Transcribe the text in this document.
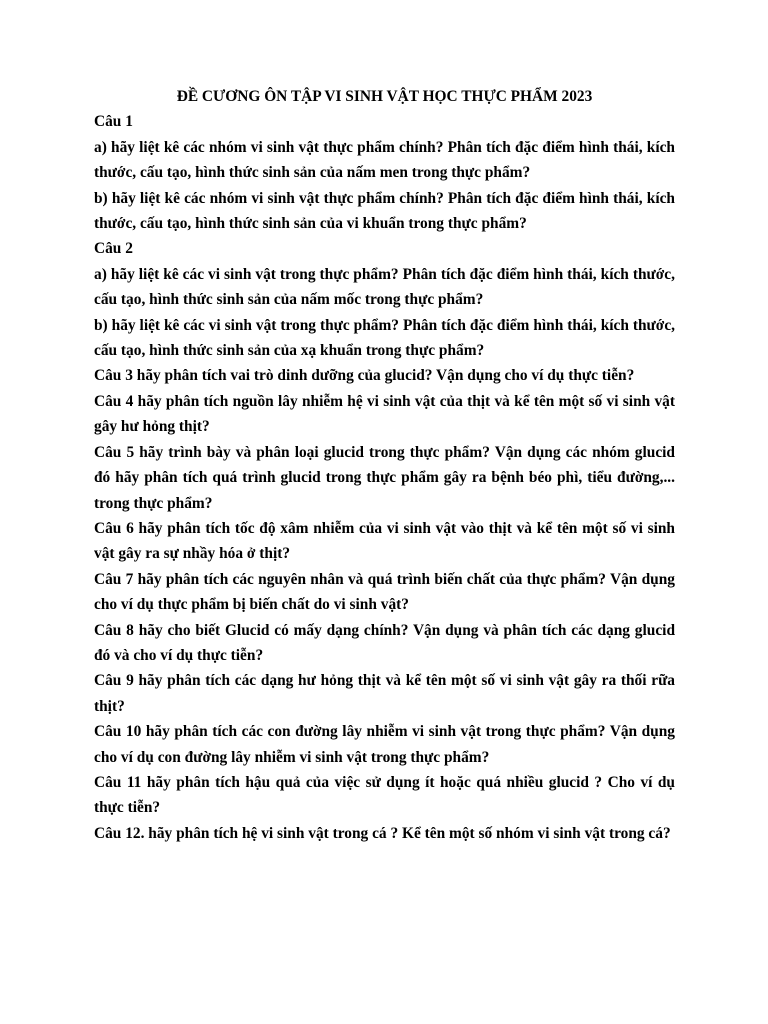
ĐỀ CƯƠNG ÔN TẬP VI SINH VẬT HỌC THỰC PHẨM 2023

Câu 1

a) hãy liệt kê các nhóm vi sinh vật thực phẩm chính? Phân tích đặc điểm hình thái, kích thước, cấu tạo, hình thức sinh sản của nấm men trong thực phẩm?

b) hãy liệt kê các nhóm vi sinh vật thực phẩm chính? Phân tích đặc điểm hình thái, kích thước, cấu tạo, hình thức sinh sản của vi khuẩn trong thực phẩm?

Câu 2

a) hãy liệt kê các vi sinh vật trong thực phẩm? Phân tích đặc điểm hình thái, kích thước, cấu tạo, hình thức sinh sản của nấm mốc trong thực phẩm?

b) hãy liệt kê các vi sinh vật trong thực phẩm? Phân tích đặc điểm hình thái, kích thước, cấu tạo, hình thức sinh sản của xạ khuẩn trong thực phẩm?

Câu 3 hãy phân tích vai trò dinh dưỡng của glucid? Vận dụng cho ví dụ thực tiễn?

Câu 4 hãy phân tích nguồn lây nhiễm hệ vi sinh vật của thịt và kể tên một số vi sinh vật gây hư hỏng thịt?

Câu 5 hãy trình bày và phân loại glucid trong thực phẩm? Vận dụng các nhóm glucid đó hãy phân tích quá trình glucid trong thực phẩm gây ra bệnh béo phì, tiểu đường,... trong thực phẩm?

Câu 6 hãy phân tích tốc độ xâm nhiễm của vi sinh vật vào thịt và kể tên một số vi sinh vật gây ra sự nhầy hóa ở thịt?

Câu 7 hãy phân tích các nguyên nhân và quá trình biến chất của thực phẩm? Vận dụng cho ví dụ thực phẩm bị biến chất do vi sinh vật?

Câu 8 hãy cho biết Glucid có mấy dạng chính? Vận dụng và phân tích các dạng glucid đó và cho ví dụ thực tiễn?

Câu 9 hãy phân tích các dạng hư hỏng thịt và kể tên một số vi sinh vật gây ra thối rữa thịt?

Câu 10 hãy phân tích các con đường lây nhiễm vi sinh vật trong thực phẩm? Vận dụng cho ví dụ con đường lây nhiễm vi sinh vật trong thực phẩm?

Câu 11 hãy phân tích hậu quả của việc sử dụng ít hoặc quá nhiều glucid ? Cho ví dụ thực tiễn?

Câu 12. hãy phân tích hệ vi sinh vật trong cá ? Kể tên một số nhóm vi sinh vật trong cá?
